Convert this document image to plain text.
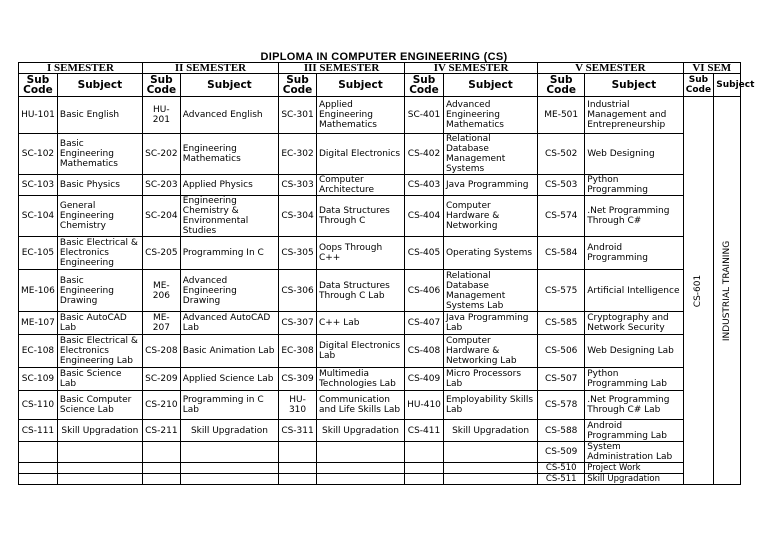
DIPLOMA IN COMPUTER ENGINEERING (CS)
I SEMESTER		II SEMESTER		III SEMESTER		IV SEMESTER		V SEMESTER		VI SEM	
Sub Code	Subject	Sub Code	Subject	Sub Code	Subject	Sub Code	Subject	Sub Code	Subject	Sub Code	Subject
HU-101	Basic English	HU-201	Advanced English	SC-301	Applied Engineering Mathematics	SC-401	Advanced Engineering Mathematics	ME-501	Industrial Management and Entrepreneurship	CS-601	INDUSTRIAL TRAINING

SC-102	Basic Engineering Mathematics	SC-202	Engineering Mathematics	EC-302	Digital Electronics	CS-402	Relational Database Management Systems	CS-502	Web Designing		
SC-103	Basic Physics	SC-203	Applied Physics	CS-303	Computer Architecture	CS-403	Java Programming	CS-503	Python Programming		
SC-104	General Engineering Chemistry	SC-204	Engineering Chemistry & Environmental Studies	CS-304	Data Structures Through C	CS-404	Computer Hardware & Networking	CS-574	.Net Programming Through C#		
EC-105	Basic Electrical & Electronics Engineering	CS-205	Programming In C	CS-305	Oops Through C++	CS-405	Operating Systems	CS-584	Android Programming		
ME-106	Basic Engineering Drawing	ME-206	Advanced Engineering Drawing	CS-306	Data Structures Through C Lab	CS-406	Relational Database Management Systems Lab	CS-575	Artificial Intelligence		
ME-107	Basic AutoCAD Lab	ME-207	Advanced AutoCAD Lab	CS-307	C++ Lab	CS-407	Java Programming Lab	CS-585	Cryptography and Network Security		
EC-108	Basic Electrical & Electronics Engineering Lab	CS-208	Basic Animation Lab	EC-308	Digital Electronics Lab	CS-408	Computer Hardware & Networking Lab	CS-506	Web Designing Lab		
SC-109	Basic Science Lab	SC-209	Applied Science Lab	CS-309	Multimedia Technologies Lab	CS-409	Micro Processors Lab	CS-507	Python Programming Lab		
CS-110	Basic Computer Science Lab	CS-210	Programming in C Lab	HU-310	Communication and Life Skills Lab	HU-410	Employability Skills Lab	CS-578	.Net Programming Through C# Lab		
CS-111	Skill Upgradation	CS-211	Skill Upgradation	CS-311	Skill Upgradation	CS-411	Skill Upgradation	CS-588	Android Programming Lab		
								CS-509	System Administration Lab		
								CS-510	Project Work		
								CS-511	Skill Upgradation		
